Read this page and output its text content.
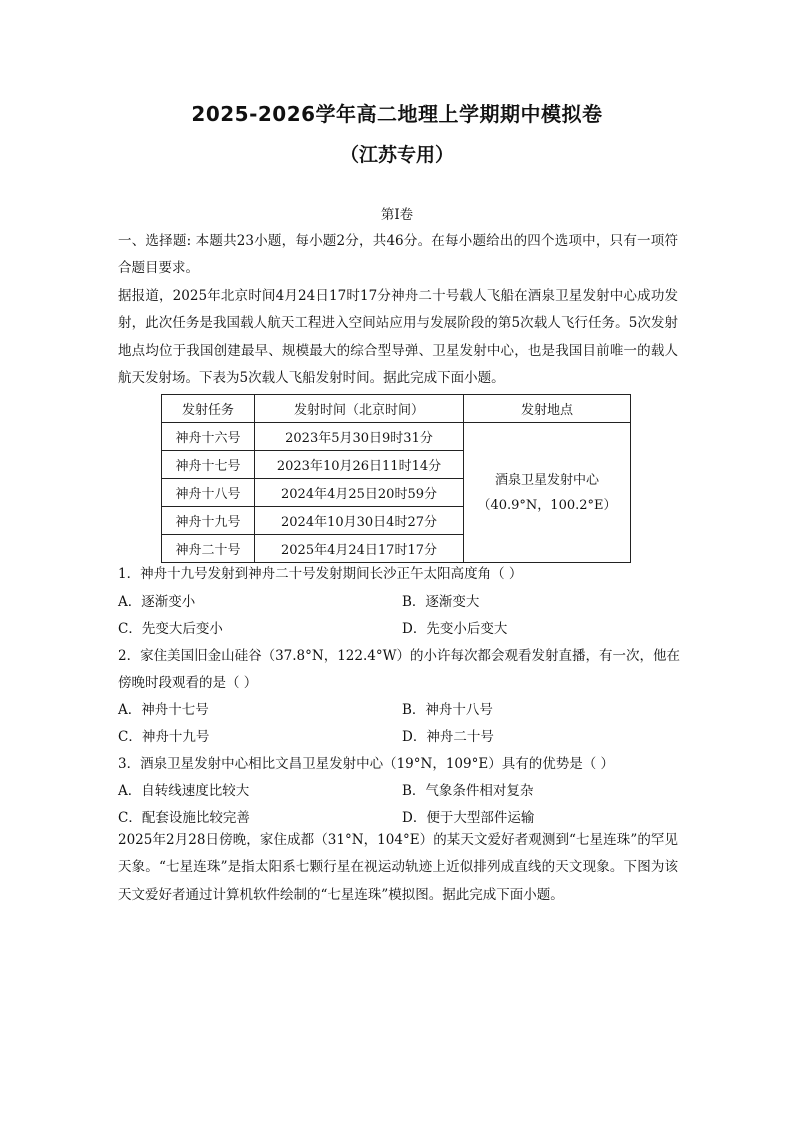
2025-2026学年高二地理上学期期中模拟卷
（江苏专用）
第I卷

一、选择题: 本题共23小题，每小题2分，共46分。在每小题给出的四个选项中，只有一项符合题目要求。

据报道，2025年北京时间4月24日17时17分神舟二十号载人飞船在酒泉卫星发射中心成功发射，此次任务是我国载人航天工程进入空间站应用与发展阶段的第5次载人飞行任务。5次发射地点均位于我国创建最早、规模最大的综合型导弹、卫星发射中心，也是我国目前唯一的载人航天发射场。下表为5次载人飞船发射时间。据此完成下面小题。

发射任务	发射时间（北京时间）	发射地点
神舟十六号	2023年5月30日9时31分	酒泉卫星发射中心
（40.9°N，100.2°E）

神舟十七号	2023年10月26日11时14分	
神舟十八号	2024年4月25日20时59分	
神舟十九号	2024年10月30日4时27分	
神舟二十号	2025年4月24日17时17分	
1．神舟十九号发射到神舟二十号发射期间长沙正午太阳高度角（ ）
A．逐渐变小	B．逐渐变大
C．先变大后变小	D．先变小后变大
2．家住美国旧金山硅谷（37.8°N，122.4°W）的小许每次都会观看发射直播，有一次，他在
傍晚时段观看的是（ ）
A．神舟十七号	B．神舟十八号
C．神舟十九号	D．神舟二十号
3．酒泉卫星发射中心相比文昌卫星发射中心（19°N，109°E）具有的优势是（ ）
A．自转线速度比较大	B．气象条件相对复杂
C．配套设施比较完善	D．便于大型部件运输

2025年2月28日傍晚，家住成都（31°N，104°E）的某天文爱好者观测到“七星连珠”的罕见天象。“七星连珠”是指太阳系七颗行星在视运动轨迹上近似排列成直线的天文现象。下图为该天文爱好者通过计算机软件绘制的“七星连珠”模拟图。据此完成下面小题。
